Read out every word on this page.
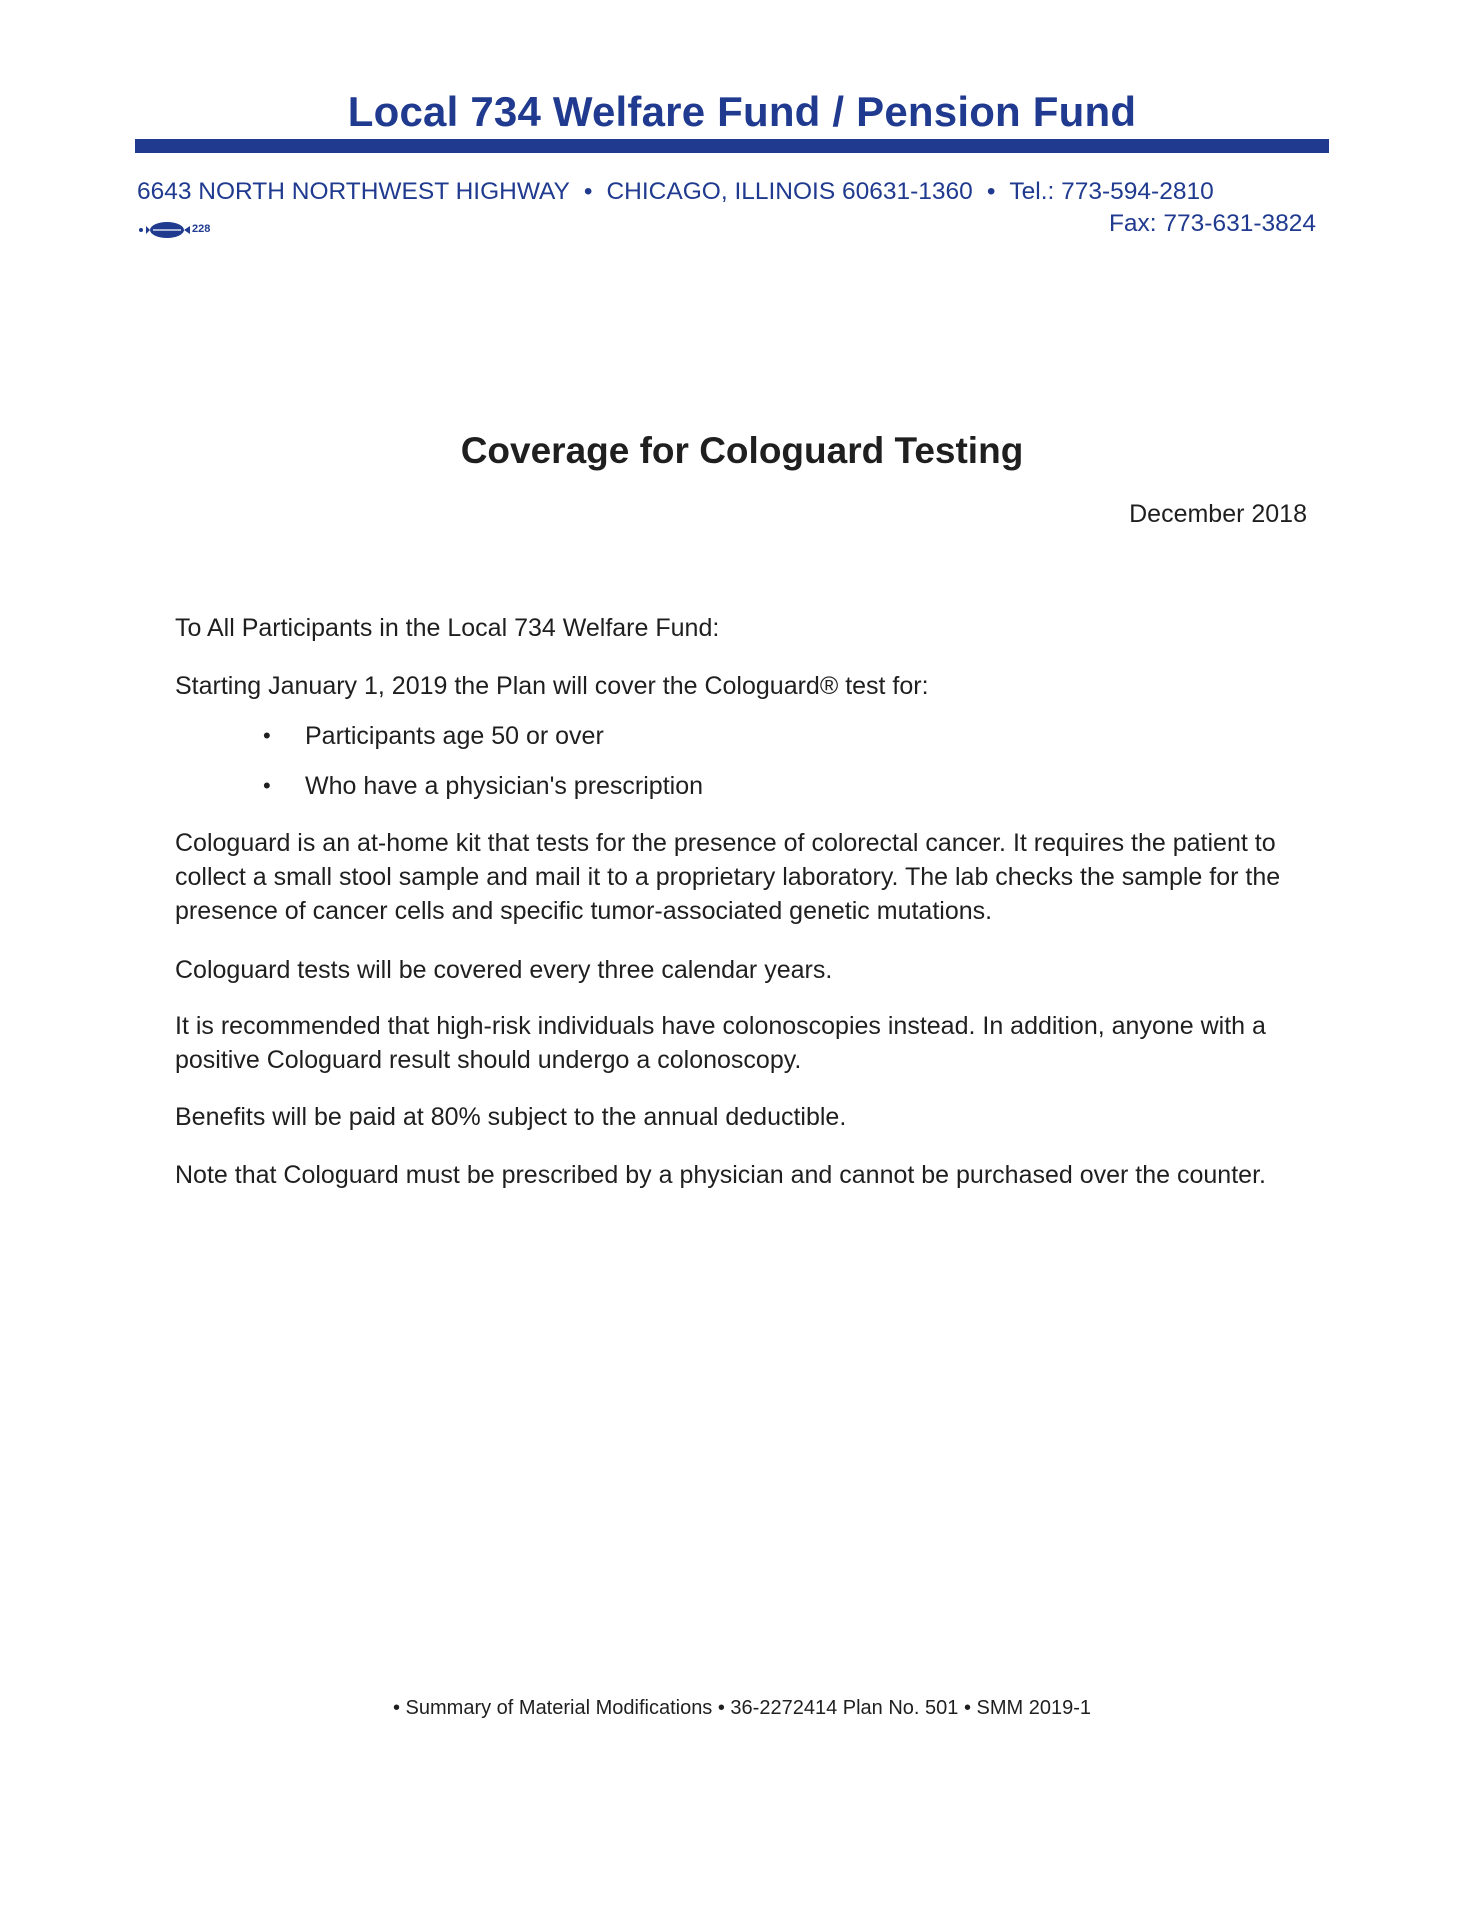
Local 734 Welfare Fund / Pension Fund
6643 NORTH NORTHWEST HIGHWAY • CHICAGO, ILLINOIS 60631-1360 • Tel.: 773-594-2810
Fax: 773-631-3824
228
Coverage for Cologuard Testing
December 2018
To All Participants in the Local 734 Welfare Fund:
Starting January 1, 2019 the Plan will cover the Cologuard® test for:
• Participants age 50 or over
• Who have a physician's prescription
Cologuard is an at-home kit that tests for the presence of colorectal cancer. It requires the patient to collect a small stool sample and mail it to a proprietary laboratory. The lab checks the sample for the presence of cancer cells and specific tumor-associated genetic mutations.
Cologuard tests will be covered every three calendar years.
It is recommended that high-risk individuals have colonoscopies instead. In addition, anyone with a positive Cologuard result should undergo a colonoscopy.
Benefits will be paid at 80% subject to the annual deductible.
Note that Cologuard must be prescribed by a physician and cannot be purchased over the counter.
• Summary of Material Modifications • 36-2272414 Plan No. 501 • SMM 2019-1
